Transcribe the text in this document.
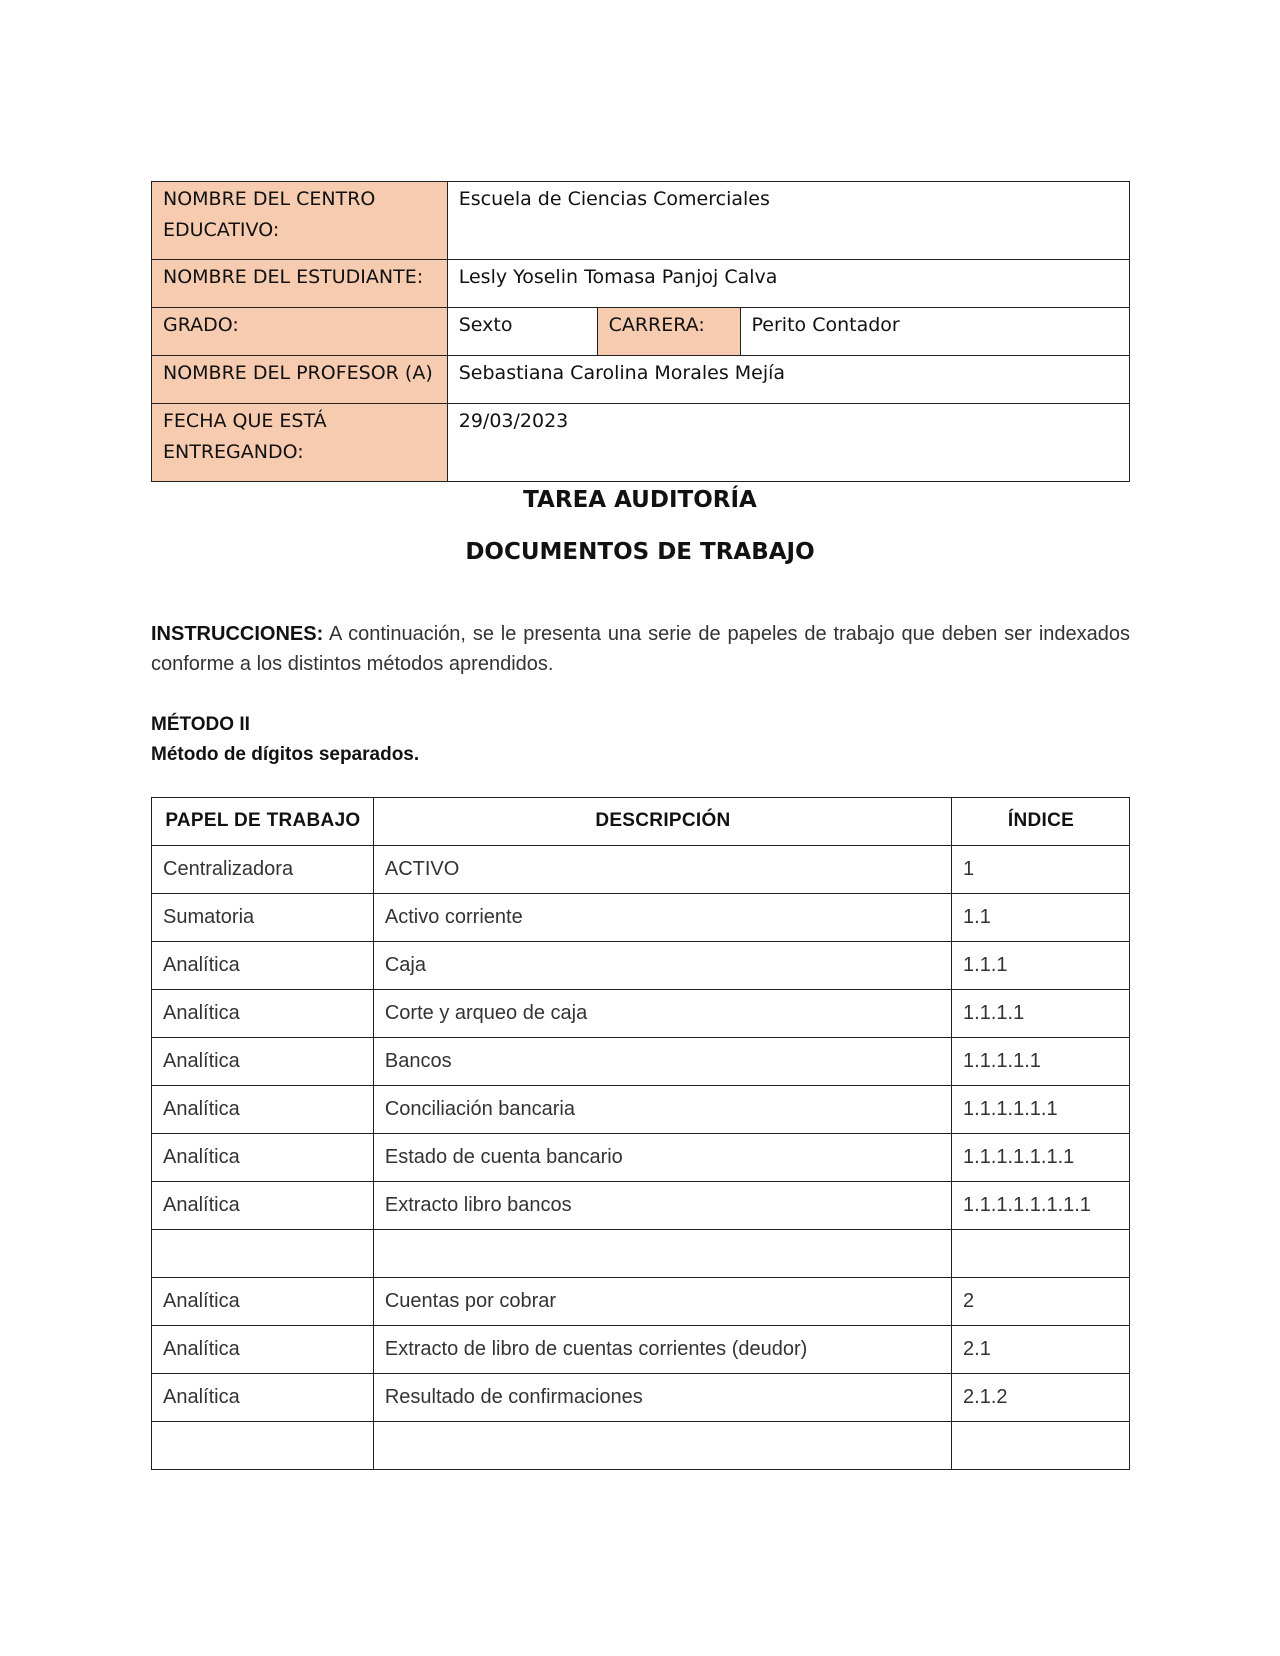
NOMBRE DEL CENTRO EDUCATIVO:	Escuela de Ciencias Comerciales		
NOMBRE DEL ESTUDIANTE:	Lesly Yoselin Tomasa Panjoj Calva		
GRADO:	Sexto	CARRERA:	Perito Contador
NOMBRE DEL PROFESOR (A)	Sebastiana Carolina Morales Mejía		
FECHA QUE ESTÁ ENTREGANDO:	29/03/2023		
TAREA AUDITORÍA
DOCUMENTOS DE TRABAJO
INSTRUCCIONES: A continuación, se le presenta una serie de papeles de trabajo que deben ser indexados conforme a los distintos métodos aprendidos.
MÉTODO II
Método de dígitos separados.
PAPEL DE TRABAJO	DESCRIPCIÓN	ÍNDICE
Centralizadora	ACTIVO	1
Sumatoria	Activo corriente	1.1
Analítica	Caja	1.1.1
Analítica	Corte y arqueo de caja	1.1.1.1
Analítica	Bancos	1.1.1.1.1
Analítica	Conciliación bancaria	1.1.1.1.1.1
Analítica	Estado de cuenta bancario	1.1.1.1.1.1.1
Analítica	Extracto libro bancos	1.1.1.1.1.1.1.1

Analítica	Cuentas por cobrar	2
Analítica	Extracto de libro de cuentas corrientes (deudor)	2.1
Analítica	Resultado de confirmaciones	2.1.2
